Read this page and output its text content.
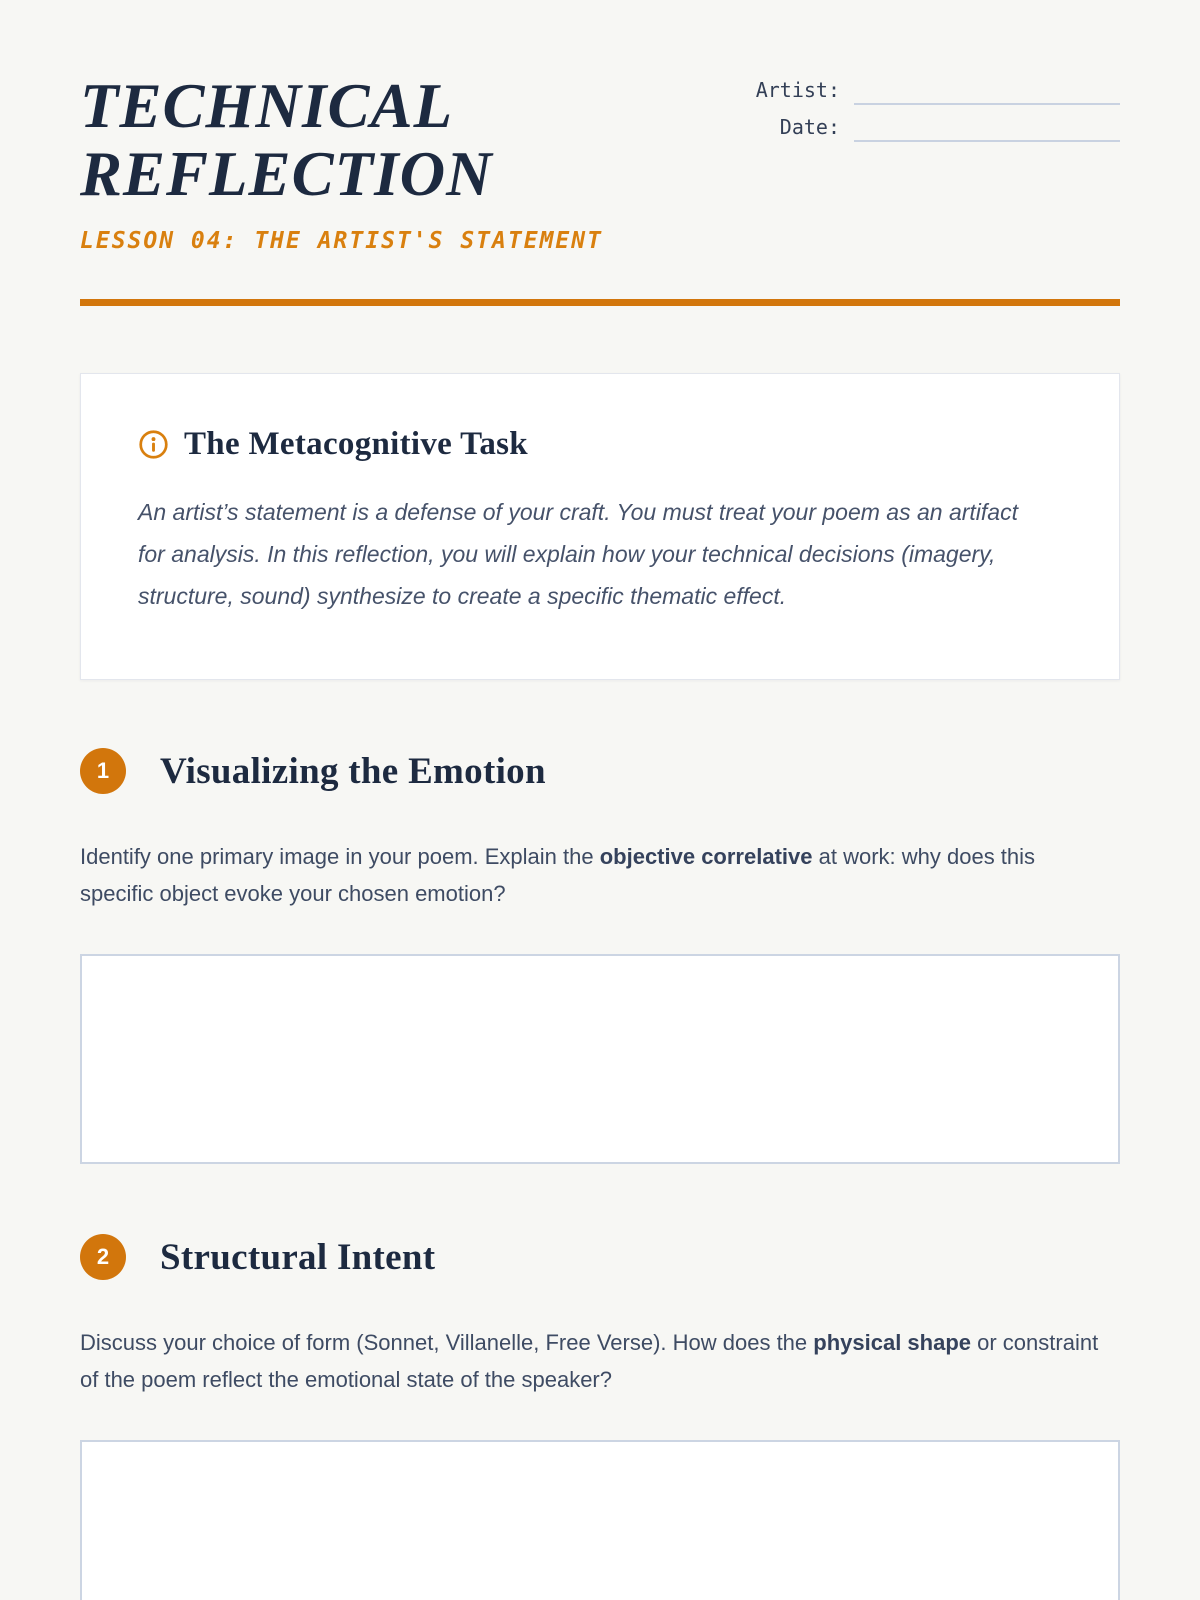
TECHNICAL REFLECTION
LESSON 04: THE ARTIST'S STATEMENT
Artist:
Date:
The Metacognitive Task

An artist’s statement is a defense of your craft. You must treat your poem as an artifact for analysis. In this reflection, you will explain how your technical decisions (imagery, structure, sound) synthesize to create a specific thematic effect.

1	Visualizing the Emotion

Identify one primary image in your poem. Explain the objective correlative at work: why does this specific object evoke your chosen emotion?

2	Structural Intent

Discuss your choice of form (Sonnet, Villanelle, Free Verse). How does the physical shape or constraint of the poem reflect the emotional state of the speaker?
